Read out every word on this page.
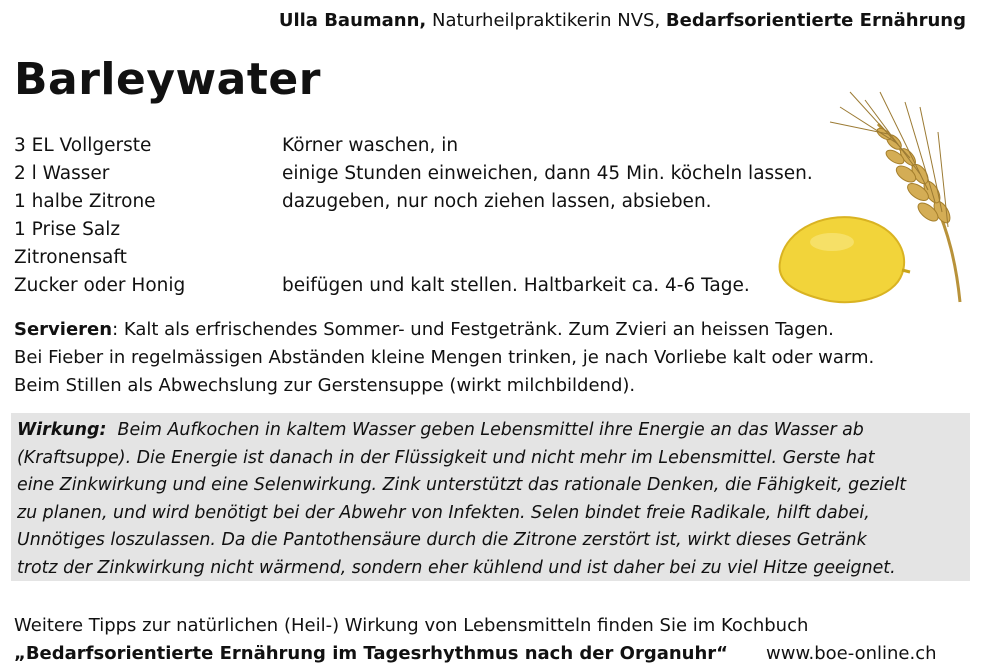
Ulla Baumann, Naturheilpraktikerin NVS, Bedarfsorientierte Ernährung
Barleywater
3 EL Vollgerste	Körner waschen, in
2 l Wasser	einige Stunden einweichen, dann 45 Min. köcheln lassen.
1 halbe Zitrone	dazugeben, nur noch ziehen lassen, absieben.
1 Prise Salz
Zitronensaft
Zucker oder Honig	beifügen und kalt stellen. Haltbarkeit ca. 4-6 Tage.
Servieren: Kalt als erfrischendes Sommer- und Festgetränk. Zum Zvieri an heissen Tagen.
Bei Fieber in regelmässigen Abständen kleine Mengen trinken, je nach Vorliebe kalt oder warm.
Beim Stillen als Abwechslung zur Gerstensuppe (wirkt milchbildend).

Wirkung: Beim Aufkochen in kaltem Wasser geben Lebensmittel ihre Energie an das Wasser ab
(Kraftsuppe). Die Energie ist danach in der Flüssigkeit und nicht mehr im Lebensmittel. Gerste hat
eine Zinkwirkung und eine Selenwirkung. Zink unterstützt das rationale Denken, die Fähigkeit, gezielt
zu planen, und wird benötigt bei der Abwehr von Infekten. Selen bindet freie Radikale, hilft dabei,
Unnötiges loszulassen. Da die Pantothensäure durch die Zitrone zerstört ist, wirkt dieses Getränk
trotz der Zinkwirkung nicht wärmend, sondern eher kühlend und ist daher bei zu viel Hitze geeignet.

Weitere Tipps zur natürlichen (Heil-) Wirkung von Lebensmitteln finden Sie im Kochbuch
„Bedarfsorientierte Ernährung im Tagesrhythmus nach der Organuhr“ www.boe-online.ch
